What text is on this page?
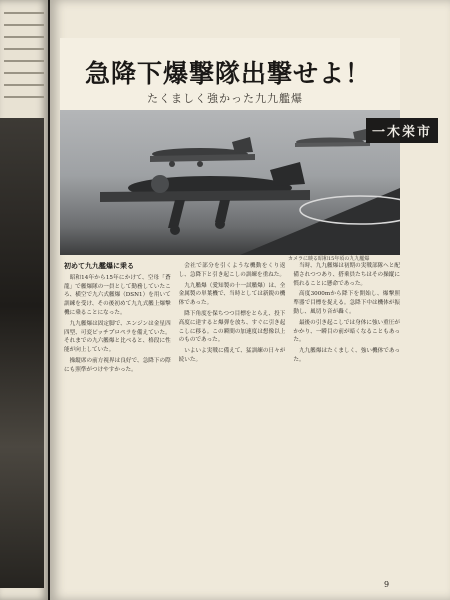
急降下爆撃隊出撃せよ！
たくましく強かった九九艦爆
一木栄市
カメラに映る昭和15年頃の九九艦爆
初めて九九艦爆に乗る

昭和14年から15年にかけて、空母「蒼龍」で艦爆隊の一員として勤務していたころ、横空で九六式艦爆（DSN1）を用いて訓練を受け、その後初めて九九式艦上爆撃機に乗ることになった。

九九艦爆は固定脚で、エンジンは金星四四型、可変ピッチプロペラを備えていた。それまでの九六艦爆と比べると、格段に性能が向上していた。

操縦席の前方視界は良好で、急降下の際にも照準がつけやすかった。

会社で部分を引くような機動をくり返し、急降下と引き起こしの訓練を重ねた。

九九艦爆（愛知製の十一試艦爆）は、全金属製の単葉機で、当時としては新鋭の機体であった。

降下角度を保ちつつ目標をとらえ、投下高度に達すると爆弾を放ち、すぐに引き起こしに移る。この瞬間の加速度は想像以上のものであった。

いよいよ実戦に備えて、猛訓練の日々が続いた。

当時、九九艦爆は初期の実戦部隊へと配備されつつあり、搭乗員たちはその操縦に慣れることに懸命であった。

高度3000mから降下を開始し、爆撃照準器で目標を捉える。急降下中は機体が振動し、風切り音が轟く。

最後の引き起こしでは身体に強い重圧がかかり、一瞬目の前が暗くなることもあった。

九九艦爆はたくましく、強い機体であった。

9
